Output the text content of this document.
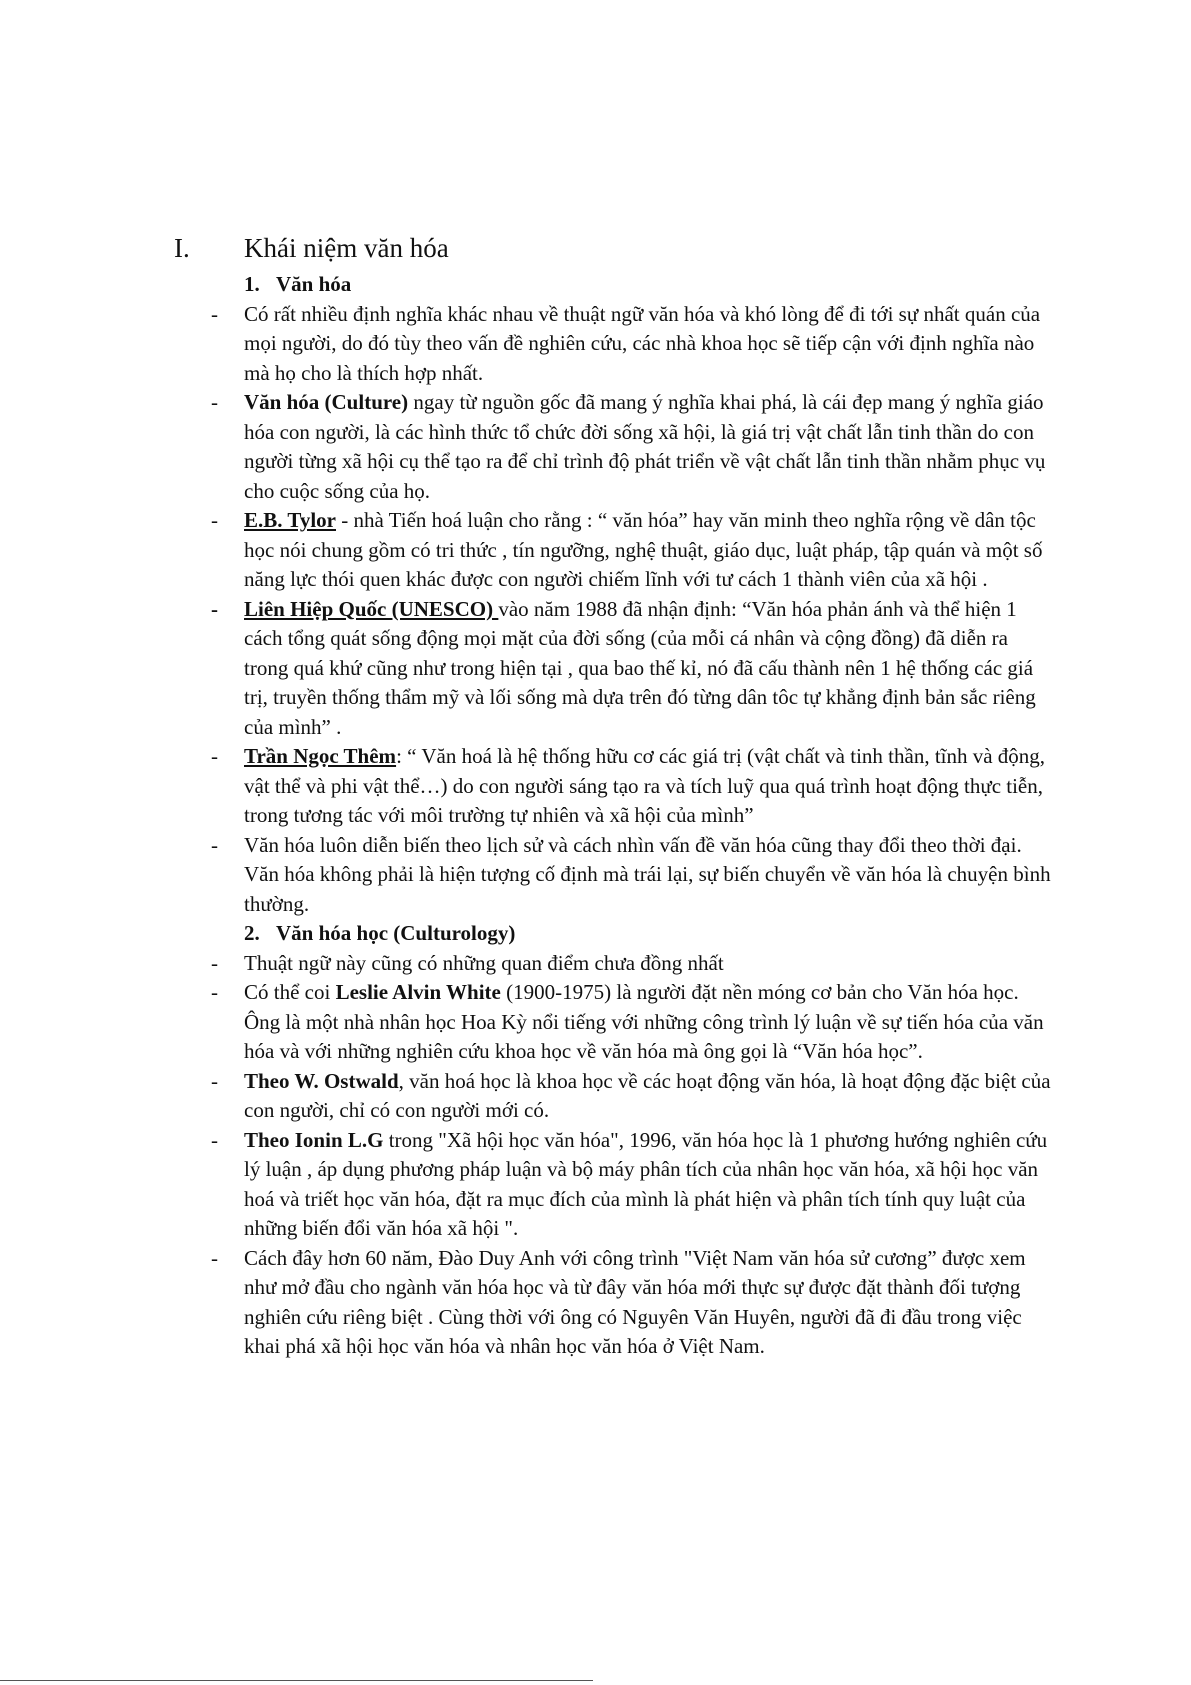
I. Khái niệm văn hóa

1. Văn hóa

- Có rất nhiều định nghĩa khác nhau về thuật ngữ văn hóa và khó lòng để đi tới sự nhất quán của mọi người, do đó tùy theo vấn đề nghiên cứu, các nhà khoa học sẽ tiếp cận với định nghĩa nào mà họ cho là thích hợp nhất.

- Văn hóa (Culture) ngay từ nguồn gốc đã mang ý nghĩa khai phá, là cái đẹp mang ý nghĩa giáo hóa con người, là các hình thức tổ chức đời sống xã hội, là giá trị vật chất lẫn tinh thần do con người từng xã hội cụ thể tạo ra để chỉ trình độ phát triển về vật chất lẫn tinh thần nhằm phục vụ cho cuộc sống của họ.

- E.B. Tylor - nhà Tiến hoá luận cho rằng : “ văn hóa” hay văn minh theo nghĩa rộng về dân tộc học nói chung gồm có tri thức , tín ngưỡng, nghệ thuật, giáo dục, luật pháp, tập quán và một số năng lực thói quen khác được con người chiếm lĩnh với tư cách 1 thành viên của xã hội .

- Liên Hiệp Quốc (UNESCO) vào năm 1988 đã nhận định: “Văn hóa phản ánh và thể hiện 1 cách tổng quát sống động mọi mặt của đời sống (của mỗi cá nhân và cộng đồng) đã diễn ra trong quá khứ cũng như trong hiện tại , qua bao thế kỉ, nó đã cấu thành nên 1 hệ thống các giá trị, truyền thống thẩm mỹ và lối sống mà dựa trên đó từng dân tôc tự khẳng định bản sắc riêng của mình” .

- Trần Ngọc Thêm: “ Văn hoá là hệ thống hữu cơ các giá trị (vật chất và tinh thần, tĩnh và động, vật thể và phi vật thể…) do con người sáng tạo ra và tích luỹ qua quá trình hoạt động thực tiễn, trong tương tác với môi trường tự nhiên và xã hội của mình”

- Văn hóa luôn diễn biến theo lịch sử và cách nhìn vấn đề văn hóa cũng thay đổi theo thời đại. Văn hóa không phải là hiện tượng cố định mà trái lại, sự biến chuyển về văn hóa là chuyện bình thường.

2. Văn hóa học (Culturology)

- Thuật ngữ này cũng có những quan điểm chưa đồng nhất

- Có thể coi Leslie Alvin White (1900-1975) là người đặt nền móng cơ bản cho Văn hóa học. Ông là một nhà nhân học Hoa Kỳ nổi tiếng với những công trình lý luận về sự tiến hóa của văn hóa và với những nghiên cứu khoa học về văn hóa mà ông gọi là “Văn hóa học”.

- Theo W. Ostwald, văn hoá học là khoa học về các hoạt động văn hóa, là hoạt động đặc biệt của con người, chỉ có con người mới có.

- Theo Ionin L.G trong "Xã hội học văn hóa", 1996, văn hóa học là 1 phương hướng nghiên cứu lý luận , áp dụng phương pháp luận và bộ máy phân tích của nhân học văn hóa, xã hội học văn hoá và triết học văn hóa, đặt ra mục đích của mình là phát hiện và phân tích tính quy luật của những biến đổi văn hóa xã hội ".

- Cách đây hơn 60 năm, Đào Duy Anh với công trình "Việt Nam văn hóa sử cương” được xem như mở đầu cho ngành văn hóa học và từ đây văn hóa mới thực sự được đặt thành đối tượng nghiên cứu riêng biệt . Cùng thời với ông có Nguyên Văn Huyên, người đã đi đầu trong việc khai phá xã hội học văn hóa và nhân học văn hóa ở Việt Nam.
